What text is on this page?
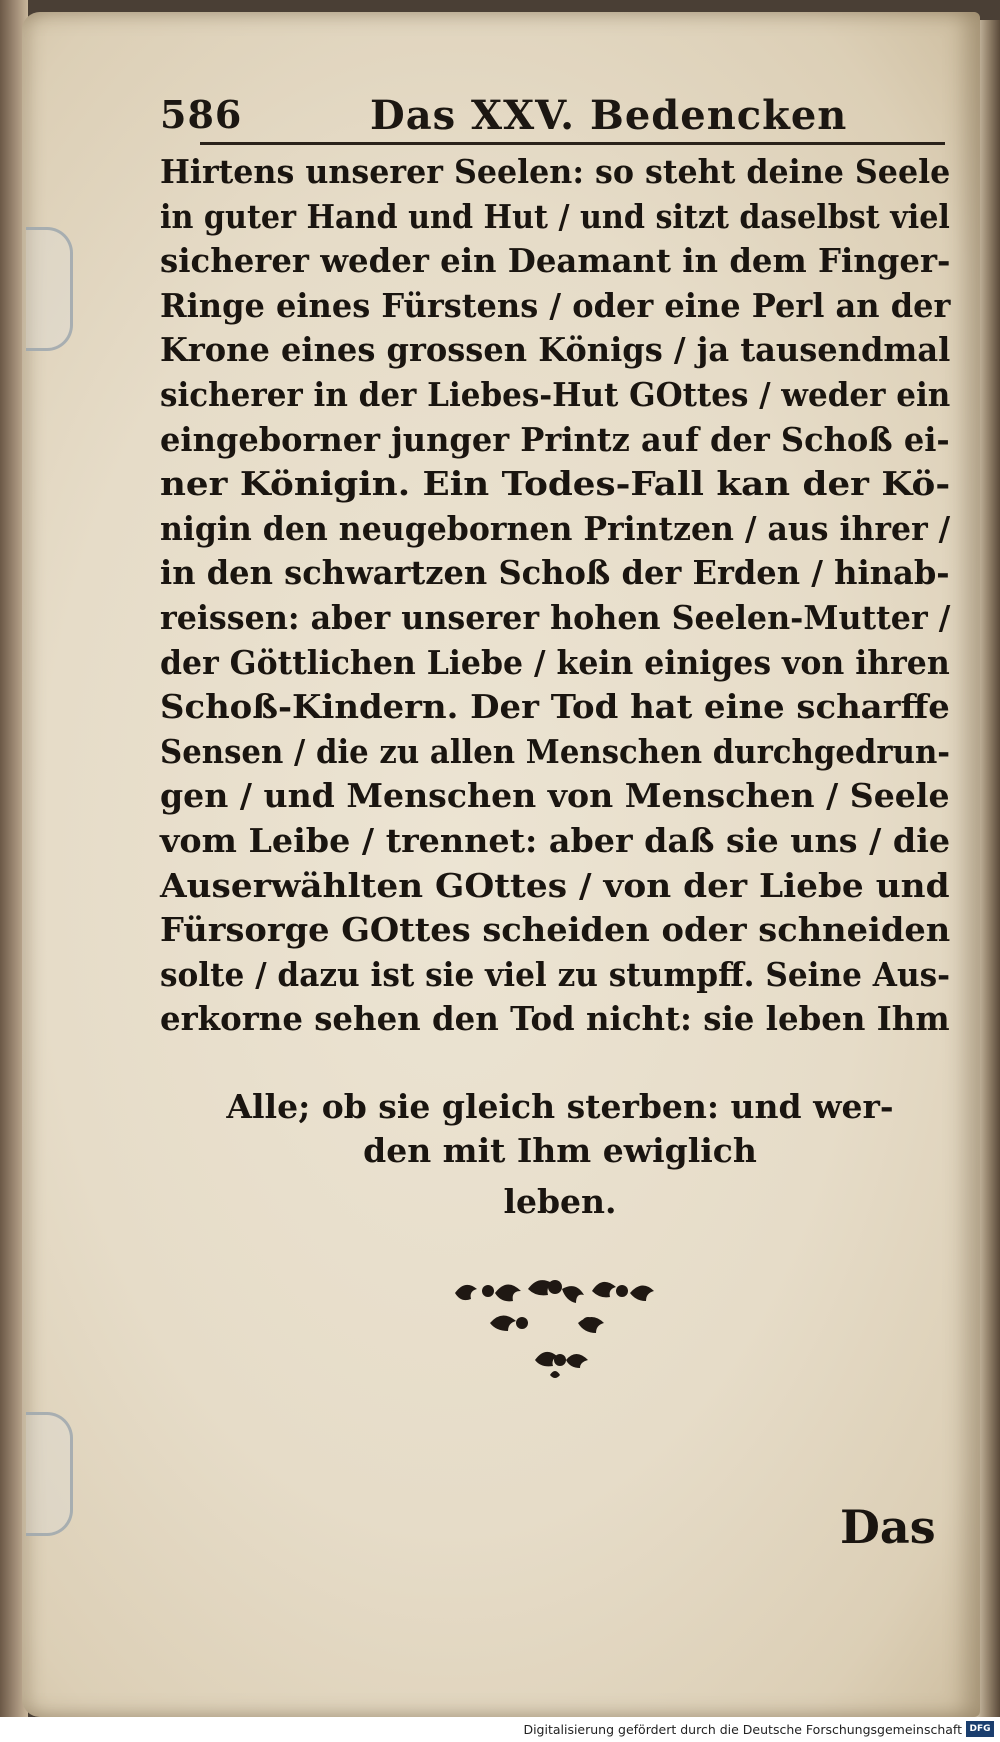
586	Das XXV. Bedencken
Hirtens unserer Seelen: so steht deine Seele
in guter Hand und Hut / und sitzt daselbst viel
sicherer weder ein Deamant in dem Finger-
Ringe eines Fürstens / oder eine Perl an der
Krone eines grossen Königs / ja tausendmal
sicherer in der Liebes-Hut GOttes / weder ein
eingeborner junger Printz auf der Schoß ei-
ner Königin. Ein Todes-Fall kan der Kö-
nigin den neugebornen Printzen / aus ihrer /
in den schwartzen Schoß der Erden / hinab-
reissen: aber unserer hohen Seelen-Mutter /
der Göttlichen Liebe / kein einiges von ihren
Schoß-Kindern. Der Tod hat eine scharffe
Sensen / die zu allen Menschen durchgedrun-
gen / und Menschen von Menschen / Seele
vom Leibe / trennet: aber daß sie uns / die
Auserwählten GOttes / von der Liebe und
Fürsorge GOttes scheiden oder schneiden
solte / dazu ist sie viel zu stumpff. Seine Aus-
erkorne sehen den Tod nicht: sie leben Ihm
Alle; ob sie gleich sterben: und wer-
den mit Ihm ewiglich
leben.
Das
Digitalisierung gefördert durch die Deutsche Forschungsgemeinschaft DFG
